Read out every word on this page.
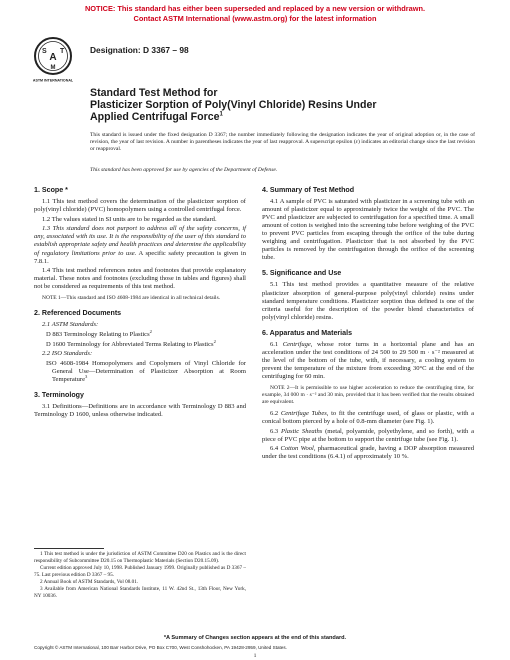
NOTICE: This standard has either been superseded and replaced by a new version or withdrawn.
Contact ASTM International (www.astm.org) for the latest information
A
S T
M
ASTM INTERNATIONAL
Designation: D 3367 – 98
Standard Test Method for
Plasticizer Sorption of Poly(Vinyl Chloride) Resins Under
Applied Centrifugal Force$^1$
This standard is issued under the fixed designation D 3367; the number immediately following the designation indicates the year of original adoption or, in the case of revision, the year of last revision. A number in parentheses indicates the year of last reapproval. A superscript epsilon (ε) indicates an editorial change since the last revision or reapproval.
This standard has been approved for use by agencies of the Department of Defense.
1. Scope *

1.1 This test method covers the determination of the plasticizer sorption of poly(vinyl chloride) (PVC) homopolymers using a controlled centrifugal force.

1.2 The values stated in SI units are to be regarded as the standard.

1.3 This standard does not purport to address all of the safety concerns, if any, associated with its use. It is the responsibility of the user of this standard to establish appropriate safety and health practices and determine the applicability of regulatory limitations prior to use. A specific safety precaution is given in 7.8.1.

1.4 This test method references notes and footnotes that provide explanatory material. These notes and footnotes (excluding those in tables and figures) shall not be considered as requirements of this test method.

NOTE 1—This standard and ISO 4608-1984 are identical in all technical details.

2. Referenced Documents

2.1 ASTM Standards:

D 883 Terminology Relating to Plastics$^2$

D 1600 Terminology for Abbreviated Terms Relating to Plastics$^2$

2.2 ISO Standards:

ISO 4608-1984 Homopolymers and Copolymers of Vinyl Chloride for General Use—Determination of Plasticizer Absorption at Room Temperature$^3$

3. Terminology

3.1 Definitions—Definitions are in accordance with Terminology D 883 and Terminology D 1600, unless otherwise indicated.

1 This test method is under the jurisdiction of ASTM Committee D20 on Plastics and is the direct responsibility of Subcommittee D20.15 on Thermoplastic Materials (Section D20.15.09).

Current edition approved July 10, 1998. Published January 1999. Originally published as D 3367 – 75. Last previous edition D 3367 – 95.

2 Annual Book of ASTM Standards, Vol 08.01.

3 Available from American National Standards Institute, 11 W. 42nd St., 13th Floor, New York, NY 10036.

4. Summary of Test Method

4.1 A sample of PVC is saturated with plasticizer in a screening tube with an amount of plasticizer equal to approximately twice the weight of the PVC. The PVC and plasticizer are subjected to centrifugation for a specified time. A small amount of cotton is weighed into the screening tube before weighing of the PVC to prevent PVC particles from escaping through the orifice of the tube during weighing and centrifugation. Plasticizer that is not absorbed by the PVC particles is removed by the centrifugation through the orifice of the screening tube.

5. Significance and Use

5.1 This test method provides a quantitative measure of the relative plasticizer absorption of general-purpose poly(vinyl chloride) resins under standard temperature conditions. Plasticizer sorption thus defined is one of the criteria useful for the description of the powder blend characteristics of poly(vinyl chloride) resins.

6. Apparatus and Materials

6.1 Centrifuge, whose rotor turns in a horizontal plane and has an acceleration under the test conditions of 24 500 to 29 500 m · s⁻² measured at the level of the bottom of the tube, with, if necessary, a cooling system to prevent the temperature of the mixture from exceeding 30°C at the end of the centrifuging for 60 min.

NOTE 2—It is permissible to use higher acceleration to reduce the centrifuging time, for example, 34 000 m · s⁻² and 30 min, provided that it has been verified that the results obtained are equivalent.

6.2 Centrifuge Tubes, to fit the centrifuge used, of glass or plastic, with a conical bottom pierced by a hole of 0.8-mm diameter (see Fig. 1).

6.3 Plastic Sheaths (metal, polyamide, polyethylene, and so forth), with a piece of PVC pipe at the bottom to support the centrifuge tube (see Fig. 1).

6.4 Cotton Wool, pharmaceutical grade, having a DOP absorption measured under the test conditions (6.4.1) of approximately 10 %.

*A Summary of Changes section appears at the end of this standard.
Copyright © ASTM International, 100 Barr Harbor Drive, PO Box C700, West Conshohocken, PA 19428-2959, United States.
1
